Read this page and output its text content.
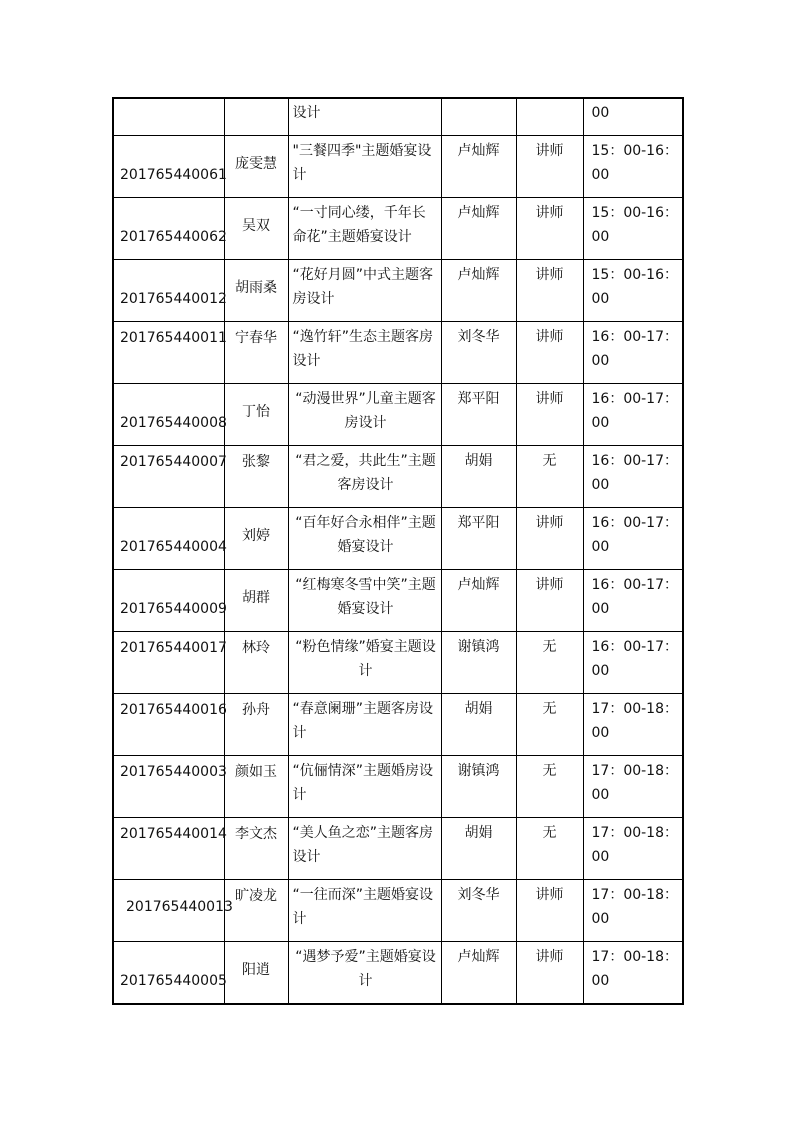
		设计			00

201765440061	庞雯慧	"三餐四季"主题婚宴设计	卢灿辉	讲师	15：00-16：00

201765440062	吴双	“一寸同心缕，千年长命花”主题婚宴设计	卢灿辉	讲师	15：00-16：00

201765440012	胡雨桑	“花好月圆”中式主题客房设计	卢灿辉	讲师	15：00-16：00

201765440011	宁春华	“逸竹轩”生态主题客房设计	刘冬华	讲师	16：00-17：00

201765440008	丁怡	“动漫世界”儿童主题客房设计	郑平阳	讲师	16：00-17：00

201765440007	张黎	“君之爱，共此生”主题客房设计	胡娟	无	16：00-17：00

201765440004	刘婷	“百年好合永相伴”主题婚宴设计	郑平阳	讲师	16：00-17：00

201765440009	胡群	“红梅寒冬雪中笑”主题婚宴设计	卢灿辉	讲师	16：00-17：00

201765440017	林玲	“粉色情缘”婚宴主题设计	谢镇鸿	无	16：00-17：00

201765440016	孙舟	“春意阑珊”主题客房设计	胡娟	无	17：00-18：00

201765440003	颜如玉	“伉俪情深”主题婚房设计	谢镇鸿	无	17：00-18：00

201765440014	李文杰	“美人鱼之恋”主题客房设计	胡娟	无	17：00-18：00

201765440013	旷凌龙	“一往而深”主题婚宴设计	刘冬华	讲师	17：00-18：00

201765440005	阳逍	“遇梦予爱”主题婚宴设计	卢灿辉	讲师	17：00-18：00
